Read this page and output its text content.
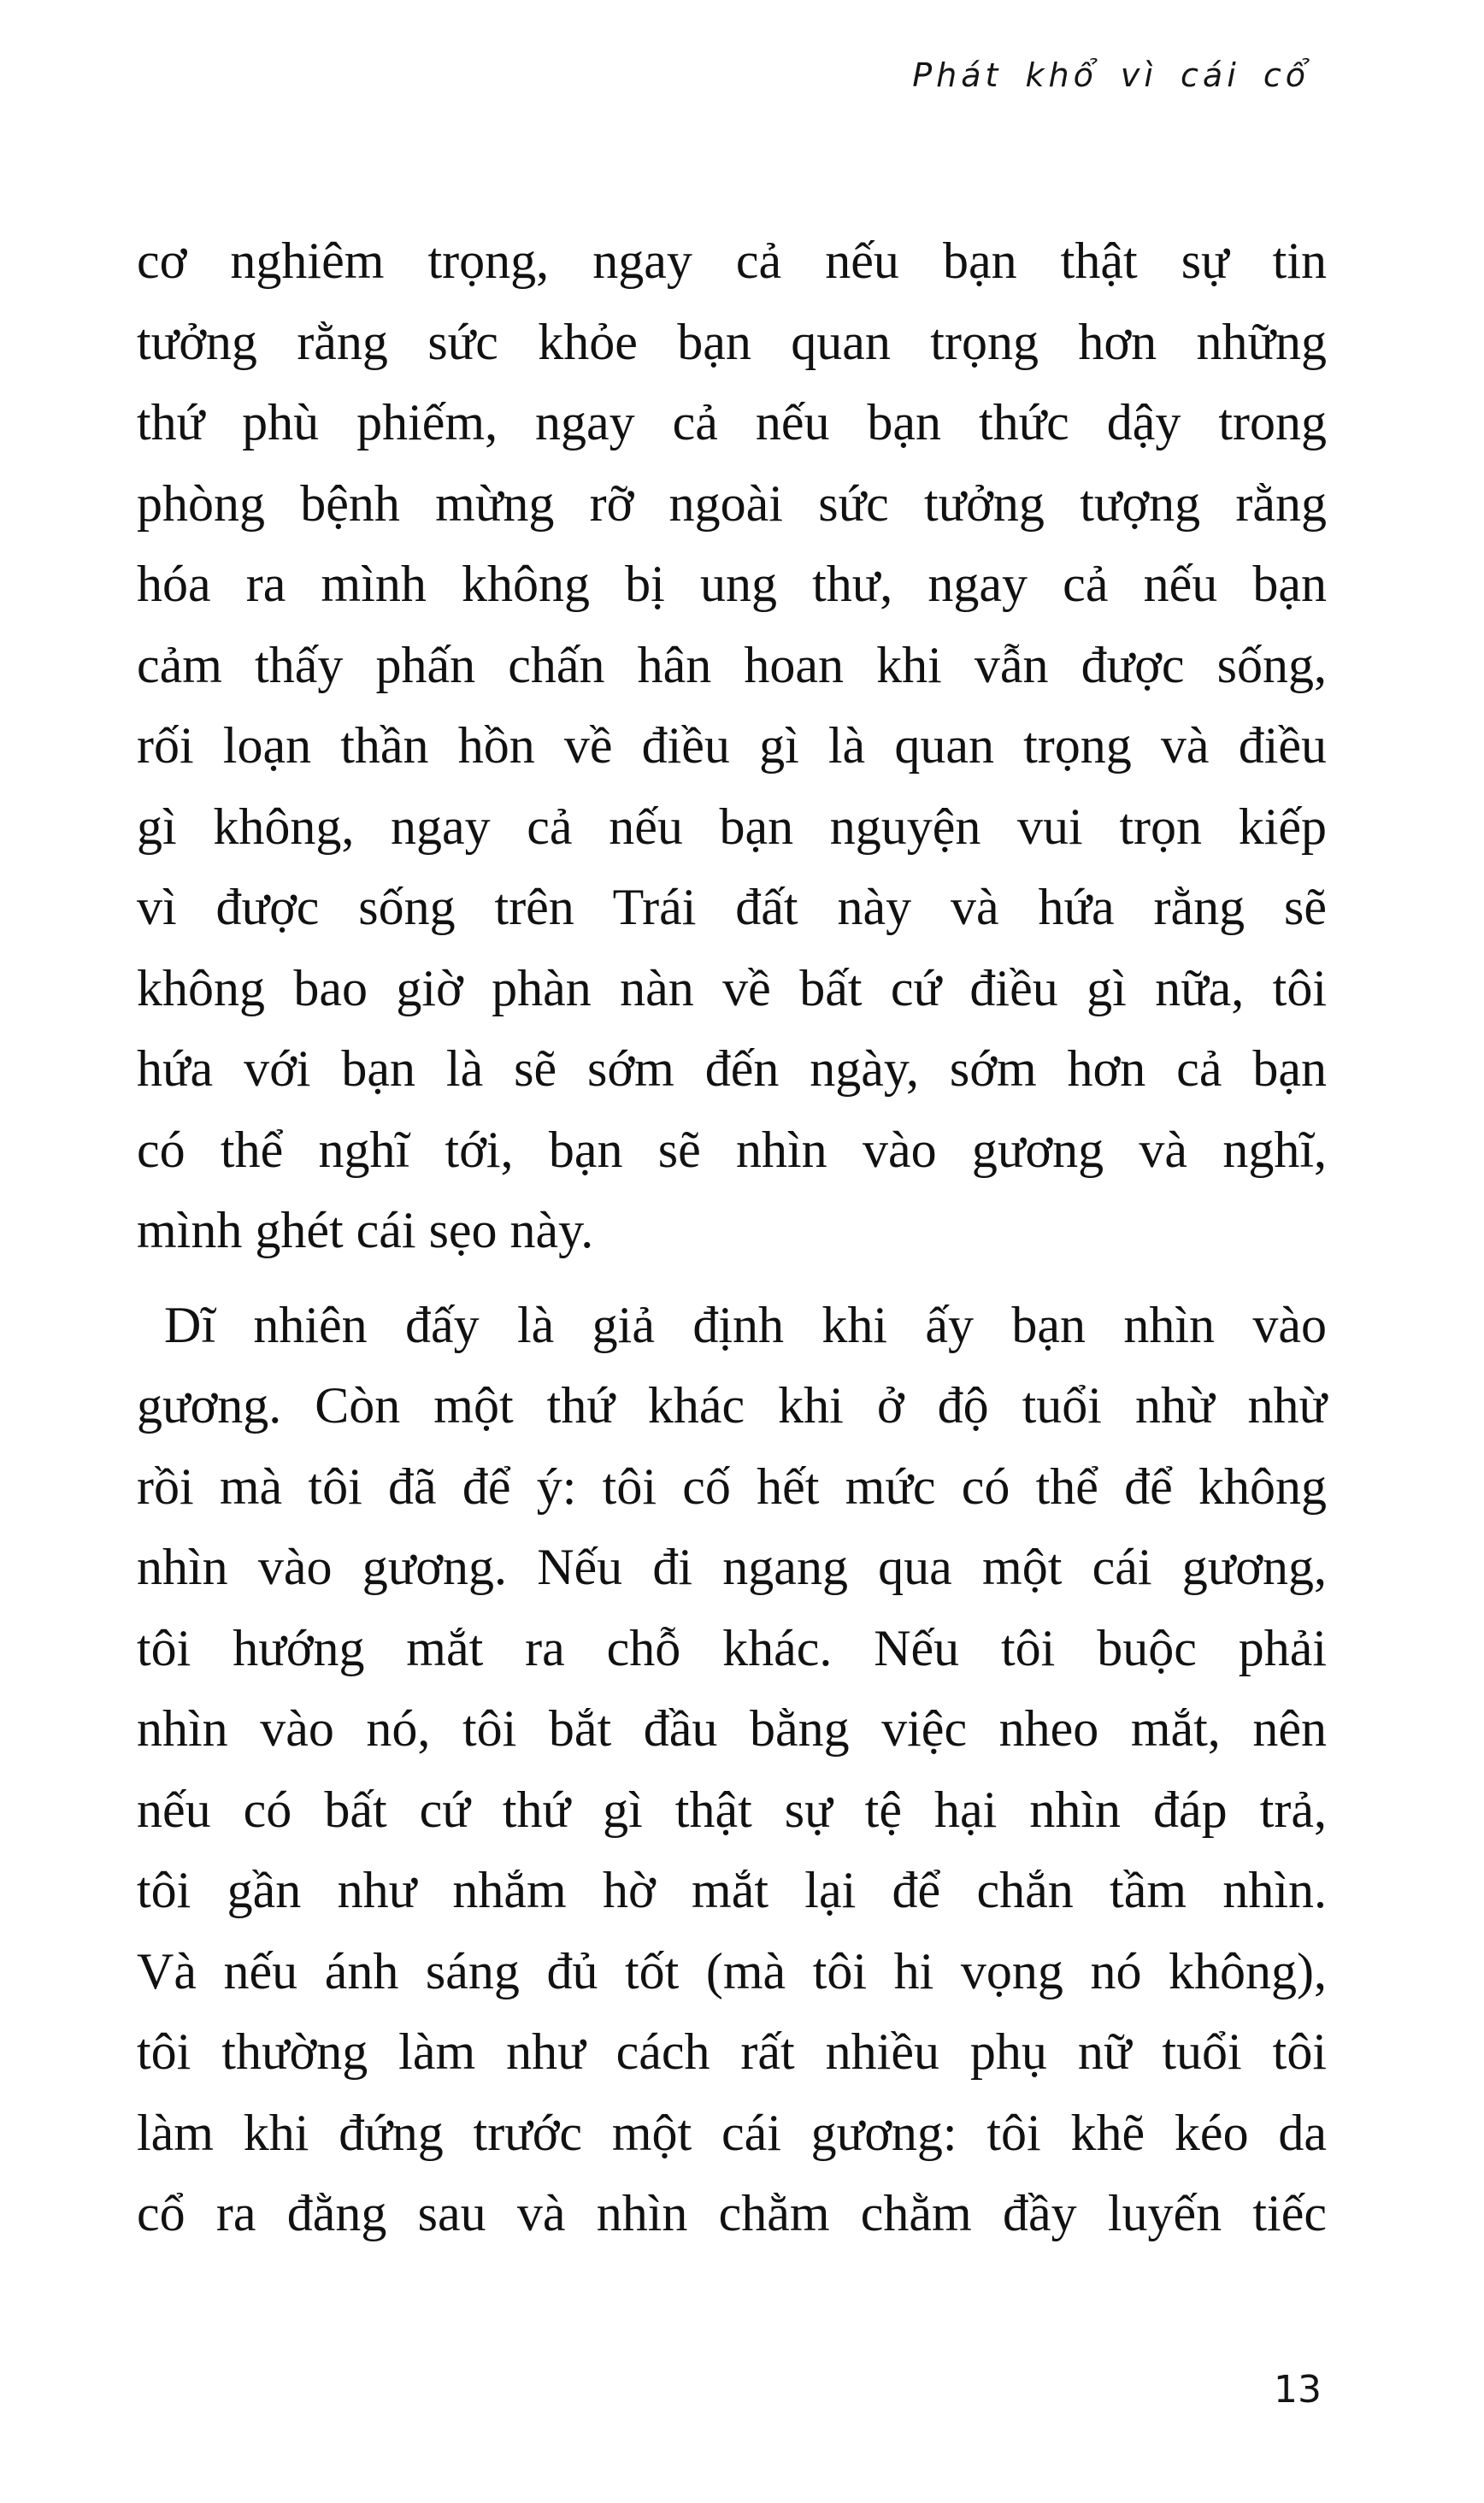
Phát khổ vì cái cổ
cơ nghiêm trọng, ngay cả nếu bạn thật sự tin
tưởng rằng sức khỏe bạn quan trọng hơn những
thứ phù phiếm, ngay cả nếu bạn thức dậy trong
phòng bệnh mừng rỡ ngoài sức tưởng tượng rằng
hóa ra mình không bị ung thư, ngay cả nếu bạn
cảm thấy phấn chấn hân hoan khi vẫn được sống,
rối loạn thần hồn về điều gì là quan trọng và điều
gì không, ngay cả nếu bạn nguyện vui trọn kiếp
vì được sống trên Trái đất này và hứa rằng sẽ
không bao giờ phàn nàn về bất cứ điều gì nữa, tôi
hứa với bạn là sẽ sớm đến ngày, sớm hơn cả bạn
có thể nghĩ tới, bạn sẽ nhìn vào gương và nghĩ,
mình ghét cái sẹo này.
Dĩ nhiên đấy là giả định khi ấy bạn nhìn vào
gương. Còn một thứ khác khi ở độ tuổi nhừ nhừ
rồi mà tôi đã để ý: tôi cố hết mức có thể để không
nhìn vào gương. Nếu đi ngang qua một cái gương,
tôi hướng mắt ra chỗ khác. Nếu tôi buộc phải
nhìn vào nó, tôi bắt đầu bằng việc nheo mắt, nên
nếu có bất cứ thứ gì thật sự tệ hại nhìn đáp trả,
tôi gần như nhắm hờ mắt lại để chắn tầm nhìn.
Và nếu ánh sáng đủ tốt (mà tôi hi vọng nó không),
tôi thường làm như cách rất nhiều phụ nữ tuổi tôi
làm khi đứng trước một cái gương: tôi khẽ kéo da
cổ ra đằng sau và nhìn chằm chằm đầy luyến tiếc
13
